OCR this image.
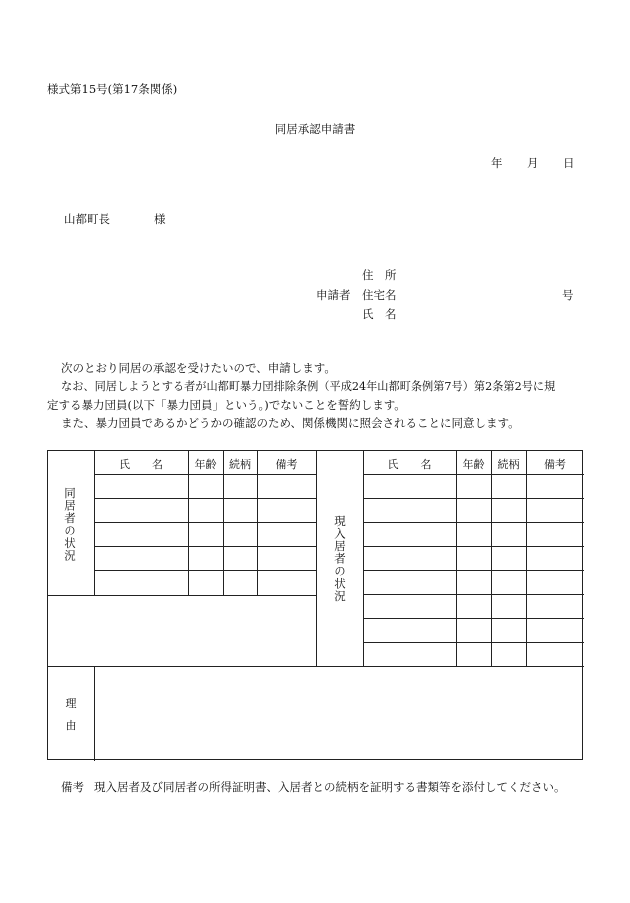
様式第15号(第17条関係)
同居承認申請書
年 月 日
山都町長	様
住　所
申請者 住宅名	号
氏　名
次のとおり同居の承認を受けたいので、申請します。
なお、同居しようとする者が山都町暴力団排除条例（平成24年山都町条例第7号）第2条第2号に規
定する暴力団員(以下「暴力団員」という。)でないことを誓約します。
また、暴力団員であるかどうかの確認のため、関係機関に照会されることに同意します。
同居者の状況	現入居者の状況
氏　　名	年齢	続柄	備考	氏　　名	年齢	続柄	備考
理
由
備考 現入居者及び同居者の所得証明書、入居者との続柄を証明する書類等を添付してください。
